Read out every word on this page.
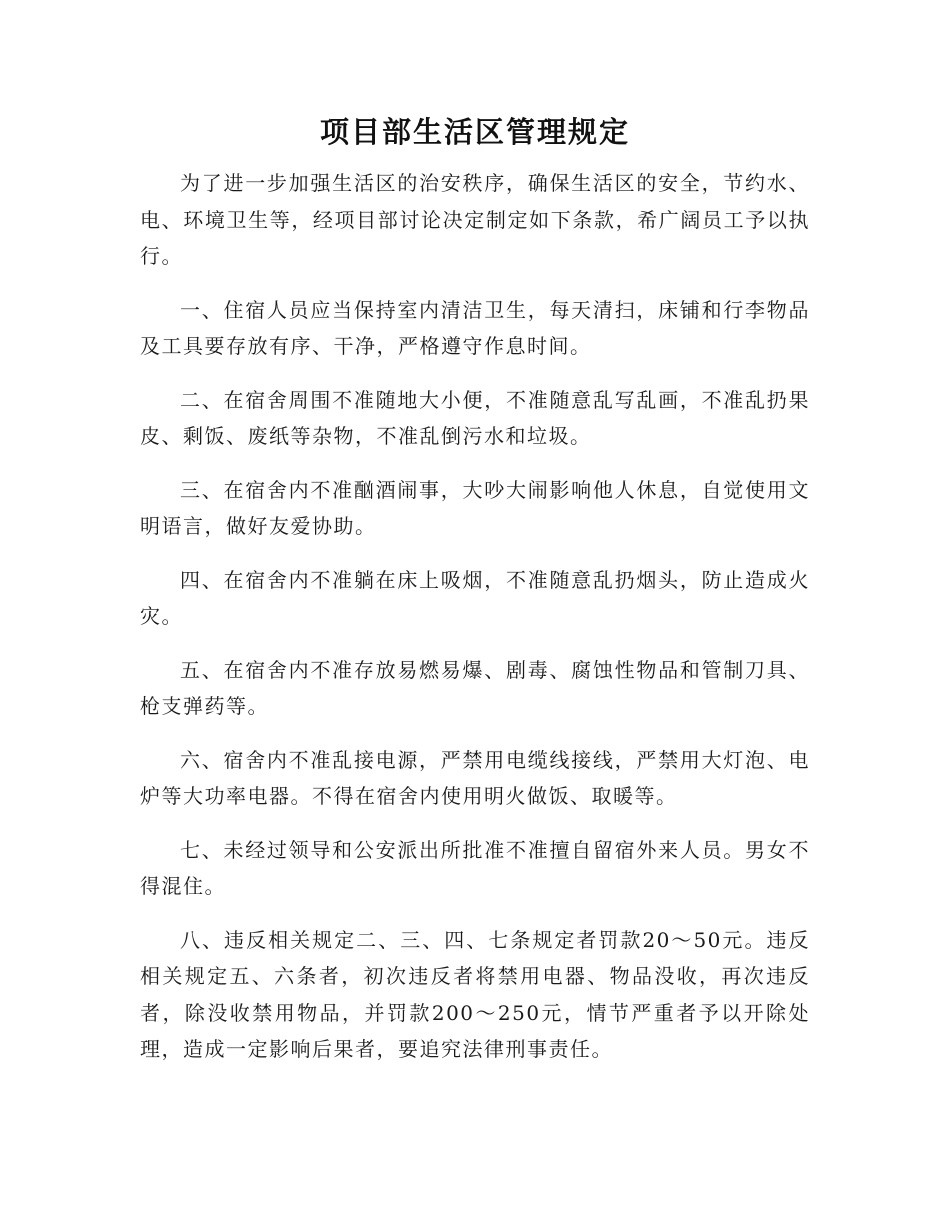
项目部生活区管理规定

为了进一步加强生活区的治安秩序，确保生活区的安全，节约水、电、环境卫生等，经项目部讨论决定制定如下条款，希广阔员工予以执行。

一、住宿人员应当保持室内清洁卫生，每天清扫，床铺和行李物品及工具要存放有序、干净，严格遵守作息时间。

二、在宿舍周围不准随地大小便，不准随意乱写乱画，不准乱扔果皮、剩饭、废纸等杂物，不准乱倒污水和垃圾。

三、在宿舍内不准酗酒闹事，大吵大闹影响他人休息，自觉使用文明语言，做好友爱协助。

四、在宿舍内不准躺在床上吸烟，不准随意乱扔烟头，防止造成火灾。

五、在宿舍内不准存放易燃易爆、剧毒、腐蚀性物品和管制刀具、枪支弹药等。

六、宿舍内不准乱接电源，严禁用电缆线接线，严禁用大灯泡、电炉等大功率电器。不得在宿舍内使用明火做饭、取暖等。

七、未经过领导和公安派出所批准不准擅自留宿外来人员。男女不得混住。

八、违反相关规定二、三、四、七条规定者罚款20～50元。违反相关规定五、六条者，初次违反者将禁用电器、物品没收，再次违反者，除没收禁用物品，并罚款200～250元，情节严重者予以开除处理，造成一定影响后果者，要追究法律刑事责任。
